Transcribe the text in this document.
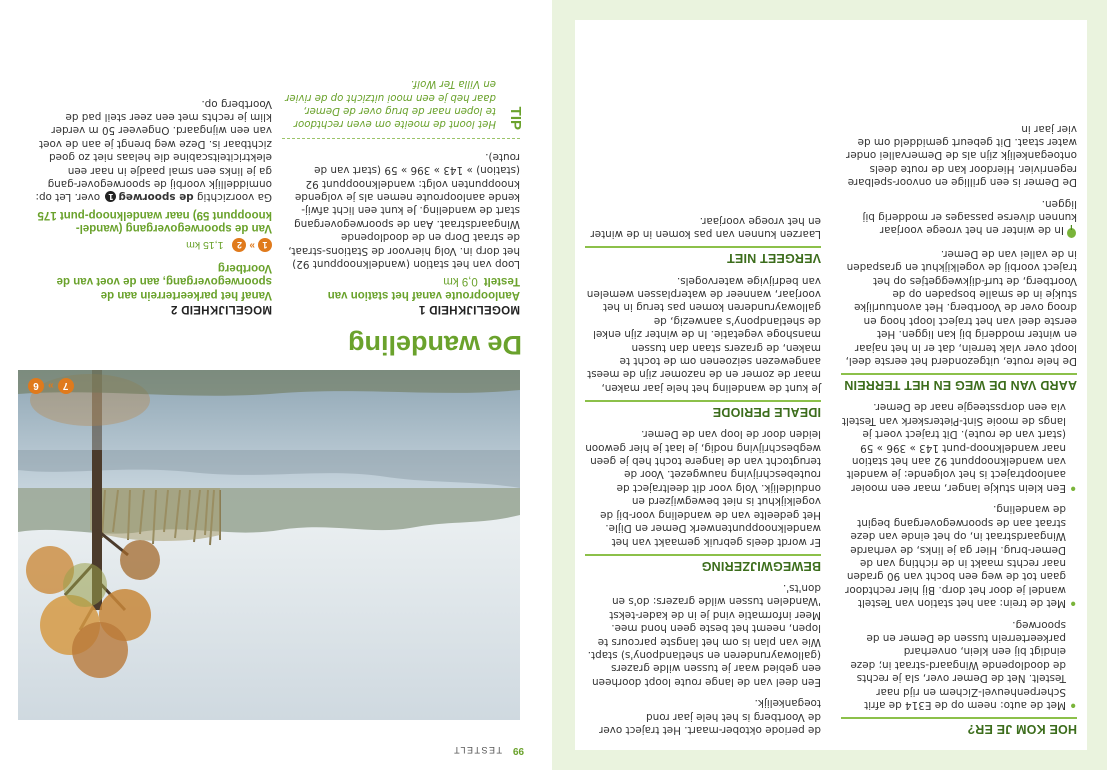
HOE KOM JE ER?

• Met de auto: neem op de E314 de afrit Scherpenheuvel-Zichem en rijd naar Testelt. Net de Demer over, sla je rechts de doodlopende Wingaard-straat in; deze eindigt bij een klein, onverhard parkeerterrein tussen de Demer en de spoorweg.

• Met de trein: aan het station van Testelt wandel je door het dorp. Bij hier rechtdoor gaan tot de weg een bocht van 90 graden naar rechts maakt in de richting van de Demer-brug. Hier ga je links, de verharde Wingaardstraat in, op het einde van deze straat aan de spoorwegovergang begint de wandeling.

• Een klein stukje langer, maar een mooier aanlooptraject is het volgende: je wandelt van wandelknooppunt 92 aan het station naar wandelknoop-punt 143 » 396 » 59 (start van de route). Dit traject voert je langs de mooie Sint-Pieterskerk van Testelt via een dorpssteegje naar de Demer.

AARD VAN DE WEG EN HET TERREIN

De hele route, uitgezonderd het eerste deel, loopt over vlak terrein, dat er in het najaar en winter modderig bij kan liggen. Het eerste deel van het traject loopt hoog en droog over de Voortberg. Het avontuurlijke stukje in de smalle bospaden op de Voortberg, de turf-dijkweggetjes op het traject voorbij de vogelkijkhut en graspaden in de vallei van de Demer.

In de winter en het vroege voorjaar kunnen diverse passages er modderig bij liggen.

De Demer is een grillige en onvoor-spelbare regenrivier. Hierdoor kan de route deels ontoegankelijk zijn als de Demervallei onder water staat. Dit gebeurt gemiddeld om de vier jaar in

de periode oktober-maart. Het traject over de Voortberg is het hele jaar rond toegankelijk.

Een deel van de lange route loopt doorheen een gebied waar je tussen wilde grazers (gallowayrunderen en shetlandpony's) stapt. Wie van plan is om het langste parcours te lopen, neemt het beste geen hond mee. Meer informatie vind je in de kader-tekst 'Wandelen tussen wilde grazers: do's en don'ts'.

BEWEGWIJZERING

Er wordt deels gebruik gemaakt van het wandelknooppuntenwerk Demer en Dijle. Het gedeelte van de wandeling voor-bij de vogelkijkhut is niet bewegwijzerd en onduidelijk. Volg voor dit deeltraject de routebeschrijving nauwgezet. Voor de terugtocht van de langere tocht heb je geen wegbeschrijving nodig, je laat je hier gewoon leiden door de loop van de Demer.

IDEALE PERIODE

Je kunt de wandeling het hele jaar maken, maar de zomer en de nazomer zijn de meest aangewezen seizoenen om de tocht te maken, de grazers staan dan tussen manshoge vegetatie. In de winter zijn enkel de shetlandpony's aanwezig, de gallowayrunderen komen pas terug in het voorjaar, wanneer de waterplassen wemelen van bedrijvige watervogels.

VERGEET NIET

Laarzen kunnen van pas komen in de winter en het vroege voorjaar.

99
TESTELT
7
»
6
De wandeling
MOGELIJKHEID 1
Aanlooproute vanaf het station van Testelt0,9 km

Loop van het station (wandelknooppunt 92) het dorp in. Volg hiervoor de Stations-straat, de straat Dorp en de doodlopende Wingaardstraat. Aan de spoorwegovergang start de wandeling. Je kunt een licht afwij-kende aanlooproute nemen als je volgende knooppunten volgt: wandelknooppunt 92 (station) » 143 » 396 » 59 (start van de route).

TIP
Het loont de moeite om even rechtdoor te lopen naar de brug over de Demer, daar heb je een mooi uitzicht op de rivier en Villa Ter Wolf.
MOGELIJKHEID 2
Vanaf het parkeerterrein aan de spoorwegovergang, aan de voet van de Voortberg
1
»
2
1,15 km
Van de spoorwegovergang (wandel-knooppunt 59) naar wandelknoop-punt 175

Ga voorzichtig de spoorweg1 over. Let op: onmiddellijk voorbij de spoorwegover-gang ga je links een smal paadje in naar een elektriciteitscabine die helaas niet zo goed zichtbaar is. Deze weg brengt je aan de voet van een wijngaard. Ongeveer 50 m verder klim je rechts met een zeer steil pad de Voortberg op.
